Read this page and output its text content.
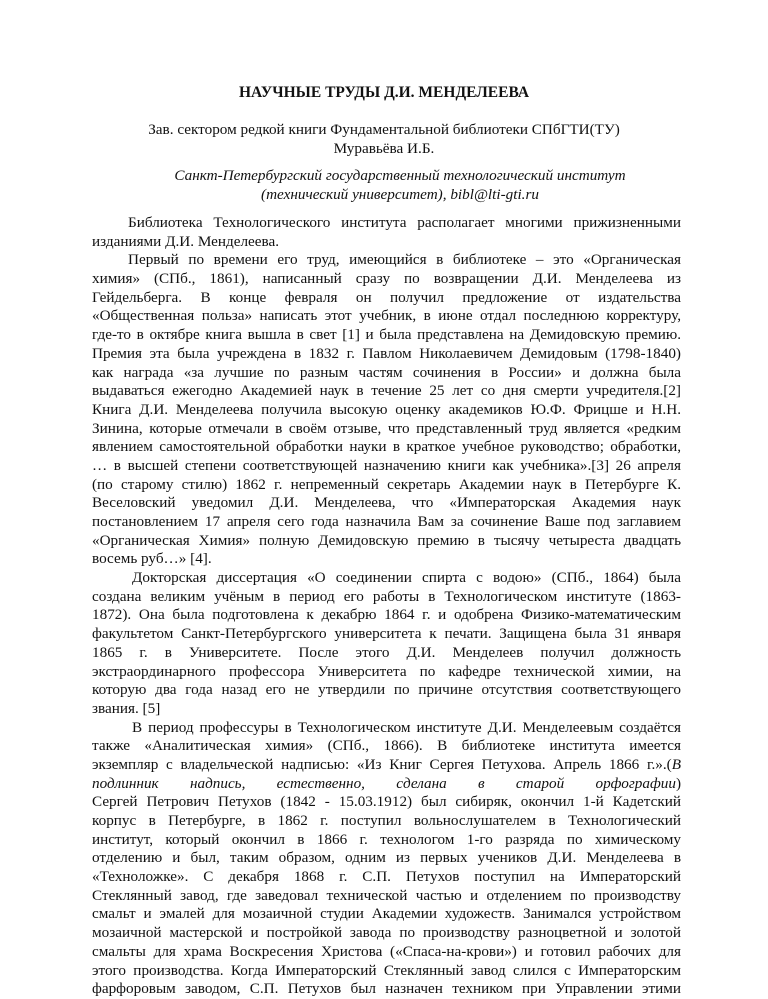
НАУЧНЫЕ ТРУДЫ Д.И. МЕНДЕЛЕЕВА
Зав. сектором редкой книги Фундаментальной библиотеки СПбГТИ(ТУ)
Муравьёва И.Б.
Санкт-Петербургский государственный технологический институт
(технический университет), bibl@lti-gti.ru
Библиотека Технологического института располагает многими прижизненными
изданиями Д.И. Менделеева.
Первый по времени его труд, имеющийся в библиотеке – это «Органическая
химия» (СПб., 1861), написанный сразу по возвращении Д.И. Менделеева из
Гейдельберга. В конце февраля он получил предложение от издательства
«Общественная польза» написать этот учебник, в июне отдал последнюю корректуру,
где-то в октябре книга вышла в свет [1] и была представлена на Демидовскую премию.
Премия эта была учреждена в 1832 г. Павлом Николаевичем Демидовым (1798-1840)
как награда «за лучшие по разным частям сочинения в России» и должна была
выдаваться ежегодно Академией наук в течение 25 лет со дня смерти учредителя.[2]
Книга Д.И. Менделеева получила высокую оценку академиков Ю.Ф. Фрицше и Н.Н.
Зинина, которые отмечали в своём отзыве, что представленный труд является «редким
явлением самостоятельной обработки науки в краткое учебное руководство; обработки,
… в высшей степени соответствующей назначению книги как учебника».[3] 26 апреля
(по старому стилю) 1862 г. непременный секретарь Академии наук в Петербурге К.
Веселовский уведомил Д.И. Менделеева, что «Императорская Академия наук
постановлением 17 апреля сего года назначила Вам за сочинение Ваше под заглавием
«Органическая Химия» полную Демидовскую премию в тысячу четыреста двадцать
восемь руб…» [4].
Докторская диссертация «О соединении спирта с водою» (СПб., 1864) была
создана великим учёным в период его работы в Технологическом институте (1863-
1872). Она была подготовлена к декабрю 1864 г. и одобрена Физико-математическим
факультетом Санкт-Петербургского университета к печати. Защищена была 31 января
1865 г. в Университете. После этого Д.И. Менделеев получил должность
экстраординарного профессора Университета по кафедре технической химии, на
которую два года назад его не утвердили по причине отсутствия соответствующего
звания. [5]
В период профессуры в Технологическом институте Д.И. Менделеевым создаётся
также «Аналитическая химия» (СПб., 1866). В библиотеке института имеется
экземпляр с владельческой надписью: «Из Книг Сергея Петухова. Апрель 1866 г.».(В
подлинник надпись, естественно, сделана в старой орфографии)
Сергей Петрович Петухов (1842 - 15.03.1912) был сибиряк, окончил 1-й Кадетский
корпус в Петербурге, в 1862 г. поступил вольнослушателем в Технологический
институт, который окончил в 1866 г. технологом 1-го разряда по химическому
отделению и был, таким образом, одним из первых учеников Д.И. Менделеева в
«Техноложке». С декабря 1868 г. С.П. Петухов поступил на Императорский
Стеклянный завод, где заведовал технической частью и отделением по производству
смальт и эмалей для мозаичной студии Академии художеств. Занимался устройством
мозаичной мастерской и постройкой завода по производству разноцветной и золотой
смальты для храма Воскресения Христова («Спаса-на-крови») и готовил рабочих для
этого производства. Когда Императорский Стеклянный завод слился с Императорским
фарфоровым заводом, С.П. Петухов был назначен техником при Управлении этими
